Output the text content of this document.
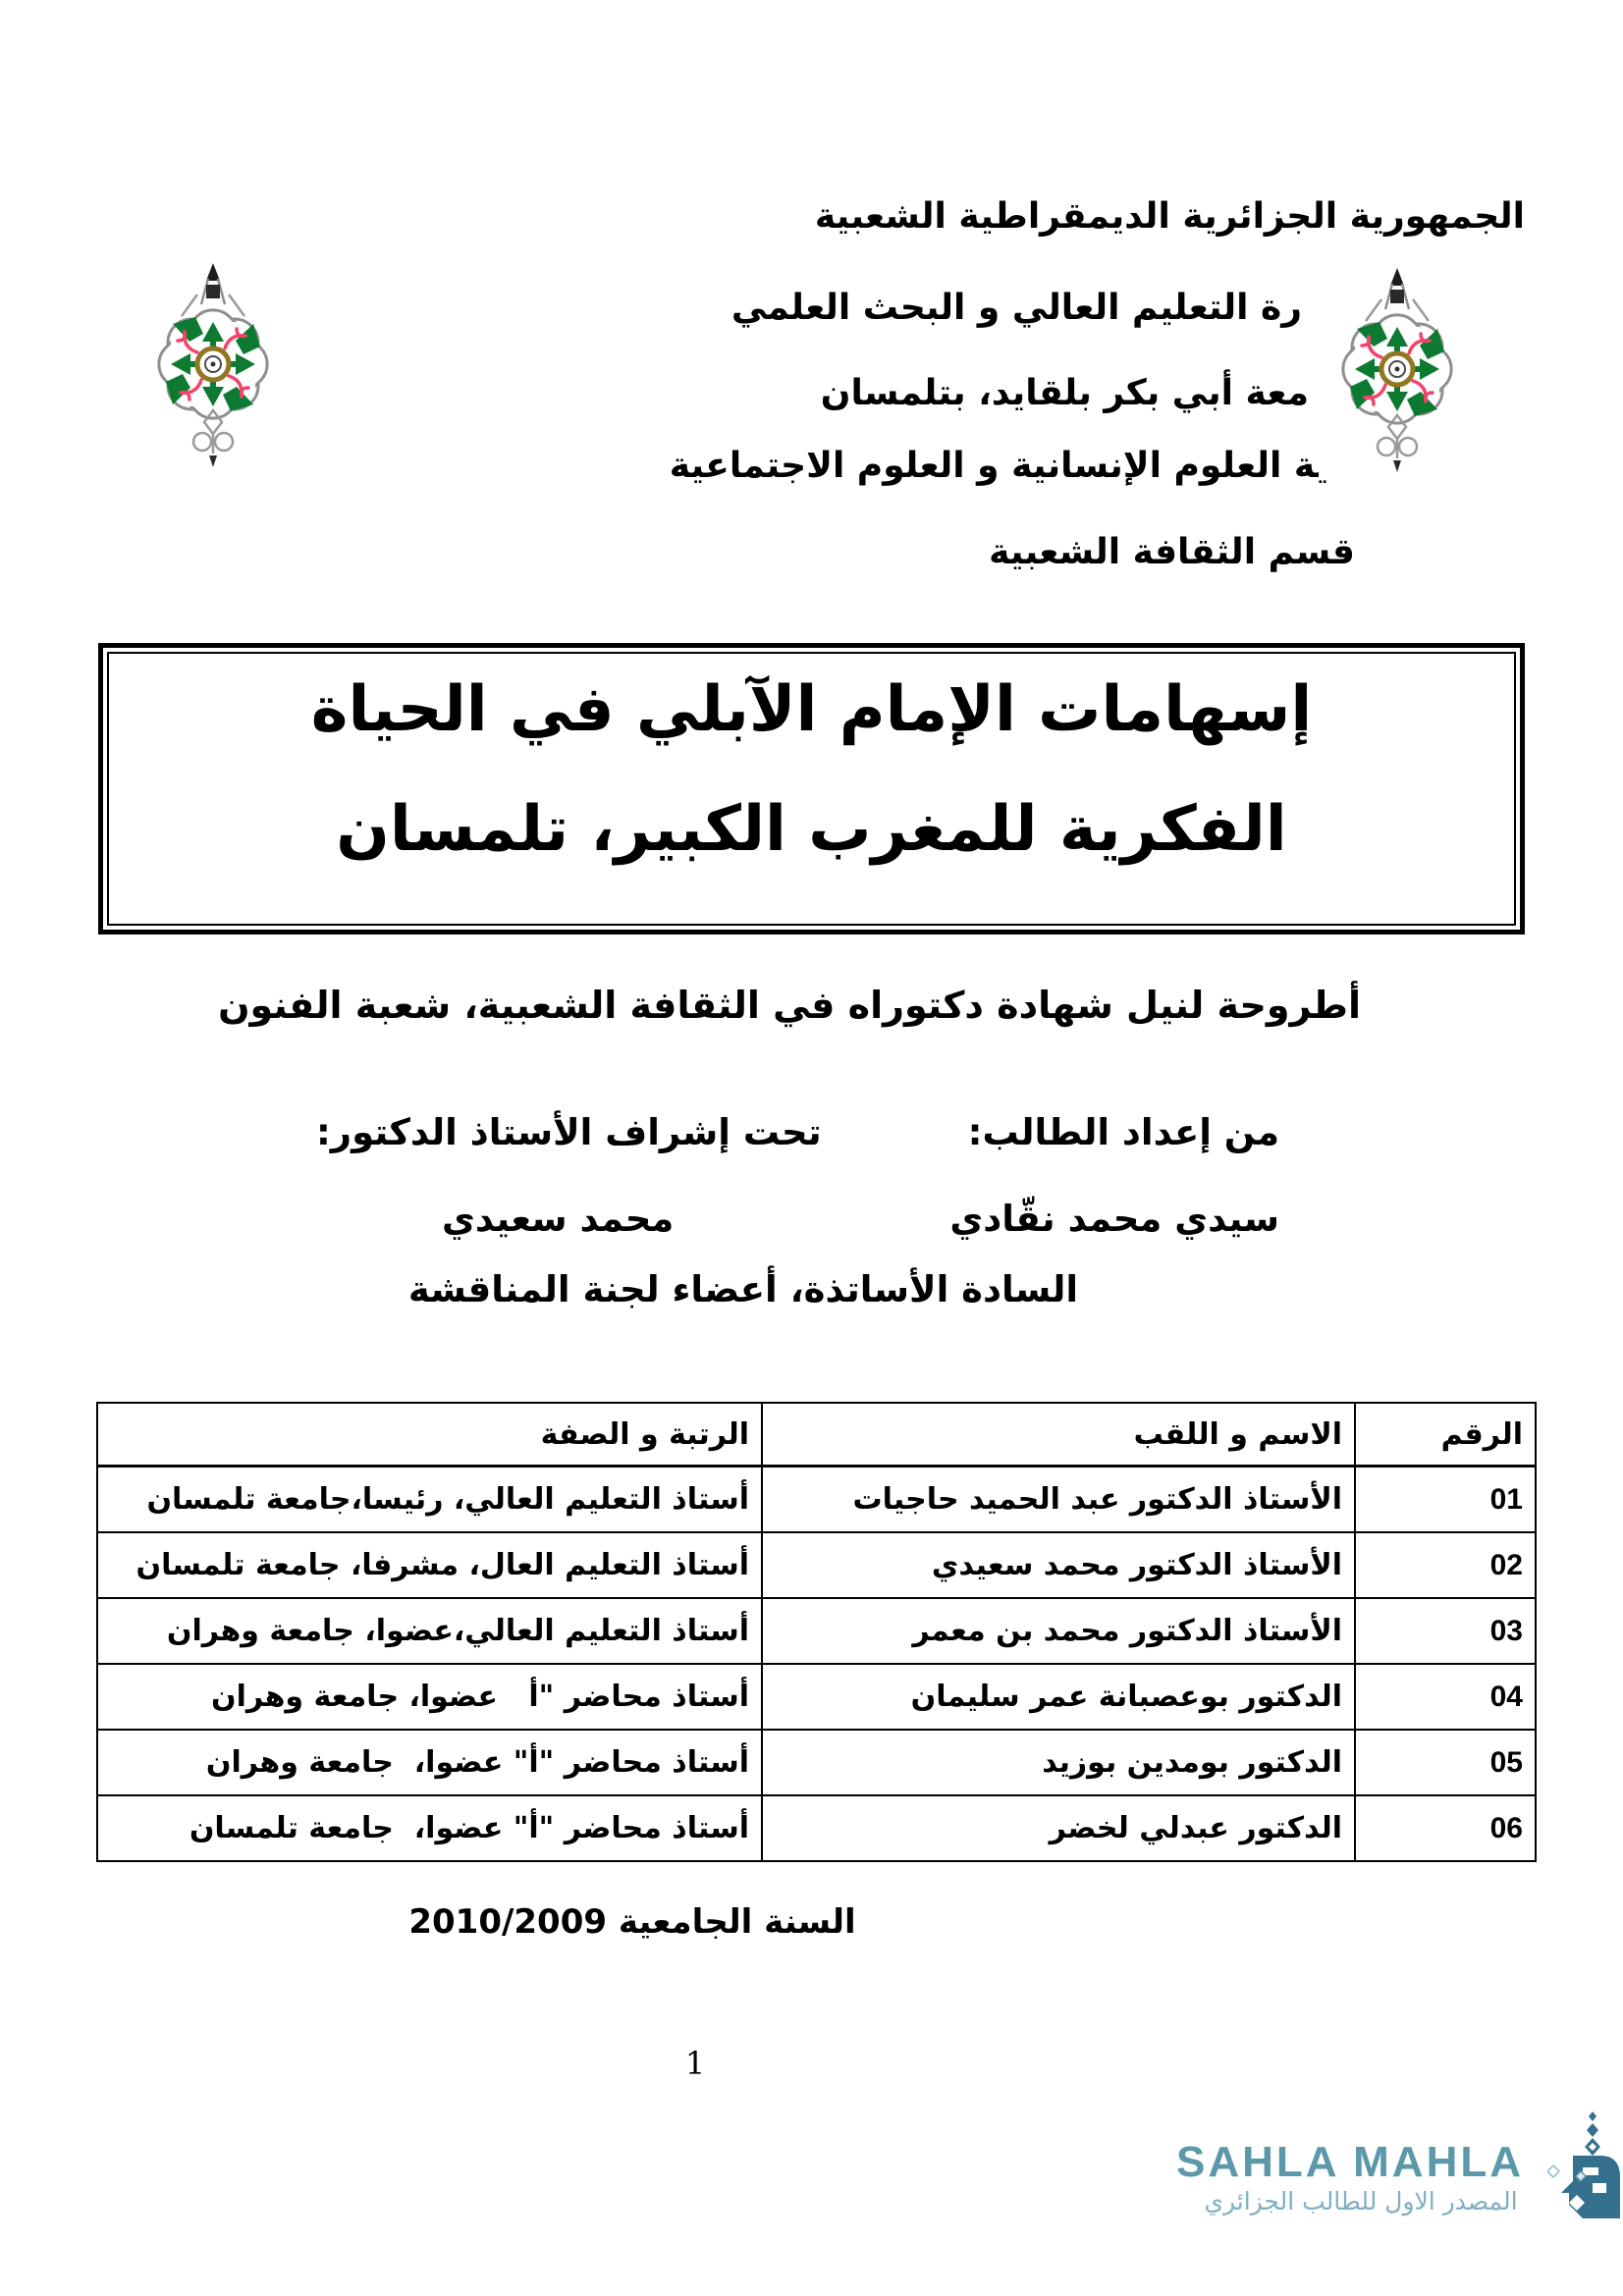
الجمهورية الجزائرية الديمقراطية الشعبية
رة التعليم العالي و البحث العلمي
معة أبي بكر بلقايد، بتلمسان
كلية العلوم الإنسانية و العلوم الاجتماعية
قسم الثقافة الشعبية
إسهامات الإمام الآبلي في الحياة
الفكرية للمغرب الكبير، تلمسان
أطروحة لنيل شهادة دكتوراه في الثقافة الشعبية، شعبة الفنون
من إعداد الطالب:
تحت إشراف الأستاذ الدكتور:
سيدي محمد نقّادي
محمد سعيدي
السادة الأساتذة، أعضاء لجنة المناقشة
الرقم	الاسم و اللقب	الرتبة و الصفة
01	الأستاذ الدكتور عبد الحميد حاجيات	أستاذ التعليم العالي، رئيسا،جامعة تلمسان
02	الأستاذ الدكتور محمد سعيدي	أستاذ التعليم العال، مشرفا، جامعة تلمسان
03	الأستاذ الدكتور محمد بن معمر	أستاذ التعليم العالي،عضوا، جامعة وهران
04	الدكتور بوعصبانة عمر سليمان	أستاذ محاضر "أ   عضوا، جامعة وهران
05	الدكتور بومدين بوزيد	أستاذ محاضر "أ" عضوا،  جامعة وهران
06	الدكتور عبدلي لخضر	أستاذ محاضر "أ" عضوا،  جامعة تلمسان
السنة الجامعية 2010/2009
1
SAHLA MAHLA
المصدر الاول للطالب الجزائري
